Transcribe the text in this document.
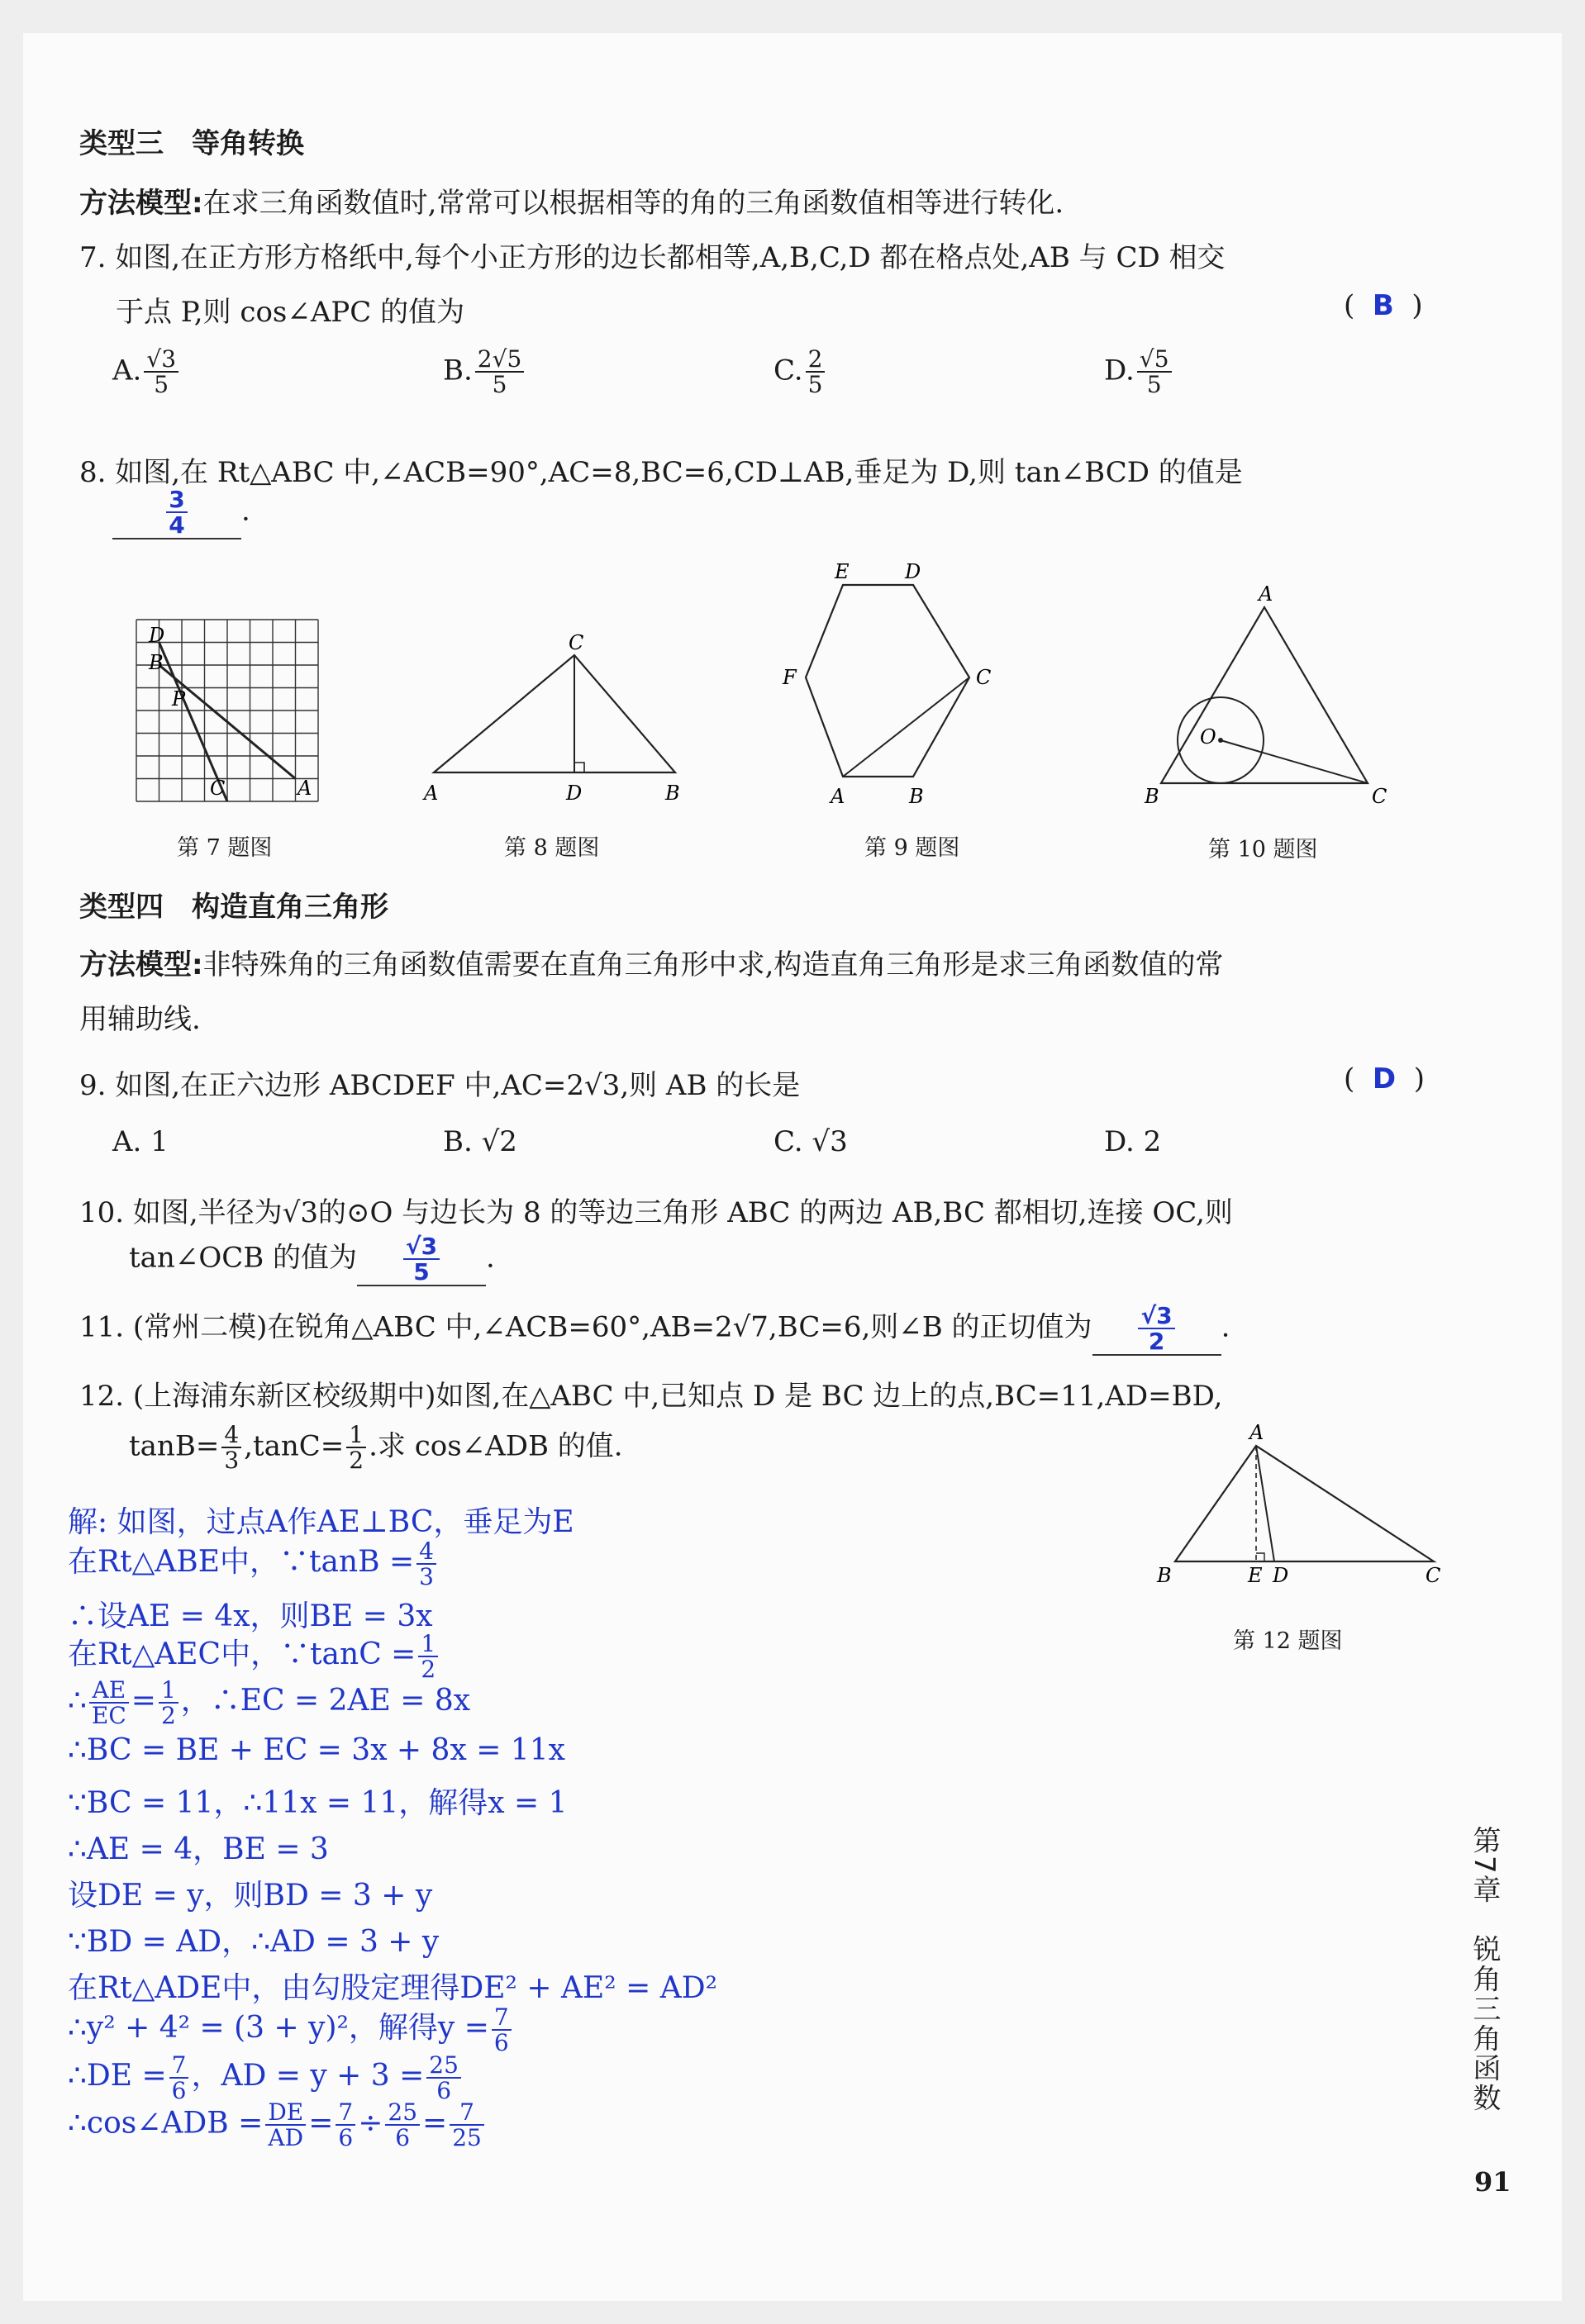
类型三　等角转换
方法模型:在求三角函数值时,常常可以根据相等的角的三角函数值相等进行转化.
7. 如图,在正方形方格纸中,每个小正方形的边长都相等,A,B,C,D 都在格点处,AB 与 CD 相交
于点 P,则 cos∠APC 的值为	(  B  )
A. $\frac{√3}{5}$	B. $\frac{2√5}{5}$	C. $\frac{2}{5}$	D. $\frac{√5}{5}$
8. 如图,在 Rt△ABC 中,∠ACB=90°,AC=8,BC=6,CD⊥AB,垂足为 D,则 tan∠BCD 的值是
$\frac{3}{4}$ .
D
B
P
C	A
第 7 题图
C
A	D	B
第 8 题图
E	D
F	C
A	B
第 9 题图
A
O
B	C
第 10 题图
类型四　构造直角三角形
方法模型:非特殊角的三角函数值需要在直角三角形中求,构造直角三角形是求三角函数值的常
用辅助线.
9. 如图,在正六边形 ABCDEF 中,AC=2√3,则 AB 的长是	(  D  )
A. 1	B. √2	C. √3	D. 2
10. 如图,半径为√3的⊙O 与边长为 8 的等边三角形 ABC 的两边 AB,BC 都相切,连接 OC,则
tan∠OCB 的值为 $\frac{√3}{5}$ .
11. (常州二模)在锐角△ABC 中,∠ACB=60°,AB=2√7,BC=6,则∠B 的正切值为 $\frac{√3}{2}$ .
12. (上海浦东新区校级期中)如图,在△ABC 中,已知点 D 是 BC 边上的点,BC=11,AD=BD,
$\tan B= \frac{4}{3} ,\tan C= \frac{1}{2}$ .求 cos∠ADB 的值.	A
B	E D	C
第 12 题图
解: 如图，过点A作AE⊥BC，垂足为E
在Rt△ABE中，∵tanB = $\frac{4}{3}$
∴设AE = 4x，则BE = 3x
在Rt△AEC中，∵tanC = $\frac{1}{2}$
∴ $\frac{AE}{EC} = \frac{1}{2}$ ，∴EC = 2AE = 8x
∴BC = BE + EC = 3x + 8x = 11x
∵BC = 11，∴11x = 11，解得x = 1
∴AE = 4，BE = 3
设DE = y，则BD = 3 + y
∵BD = AD，∴AD = 3 + y
在Rt△ADE中，由勾股定理得DE² + AE² = AD²
∴y² + 4² = (3 + y)²，解得$y = \frac{7}{6}$
∴DE = $\frac{7}{6}$ ，AD = $y + 3 = \frac{25}{6}$
∴cos∠ADB = $\frac{DE}{AD} = \frac{7}{6} \div \frac{25}{6} = \frac{7}{25}$
第7章　锐角三角函数
91
